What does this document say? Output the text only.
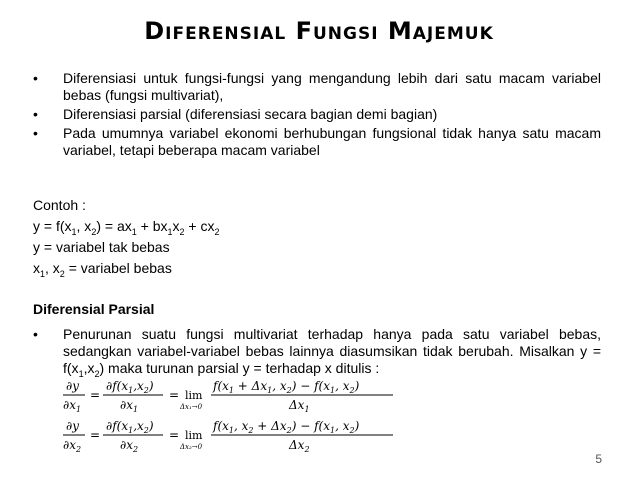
Diferensial Fungsi Majemuk
• Diferensiasi untuk fungsi-fungsi yang mengandung lebih dari satu macam variabel bebas (fungsi multivariat),
• Diferensiasi parsial (diferensiasi secara bagian demi bagian)
• Pada umumnya variabel ekonomi berhubungan fungsional tidak hanya satu macam variabel, tetapi beberapa macam variabel
Contoh :
$y = f(x_1$, $x_2) = ax_1 + bx_1x_2 + cx_2$
y = variabel tak bebas
$x_1$, $x_2$ = variabel bebas
Diferensial Parsial
• Penurunan suatu fungsi multivariat terhadap hanya pada satu variabel bebas, sedangkan variabel-variabel bebas lainnya diasumsikan tidak berubah. Misalkan $y = f(x_1,x_2)$ maka turunan parsial y = terhadap x ditulis :
∂y
$\partial x_1$
=
$\partial f(x_1,x_2)$
$\partial x_1$
= lim
Δx₁→0
$f(x_1 + \Delta x_1$, $x_2) - f(x_1$, $x_2$)
$\Delta x_1$
∂y
$\partial x_2$
=
$\partial f(x_1,x_2)$
$\partial x_2$
= lim
Δx₂→0
$f(x_1$, $x_2 + \Delta x_2) - f(x_1$, $x_2$)
$\Delta x_2$
5
